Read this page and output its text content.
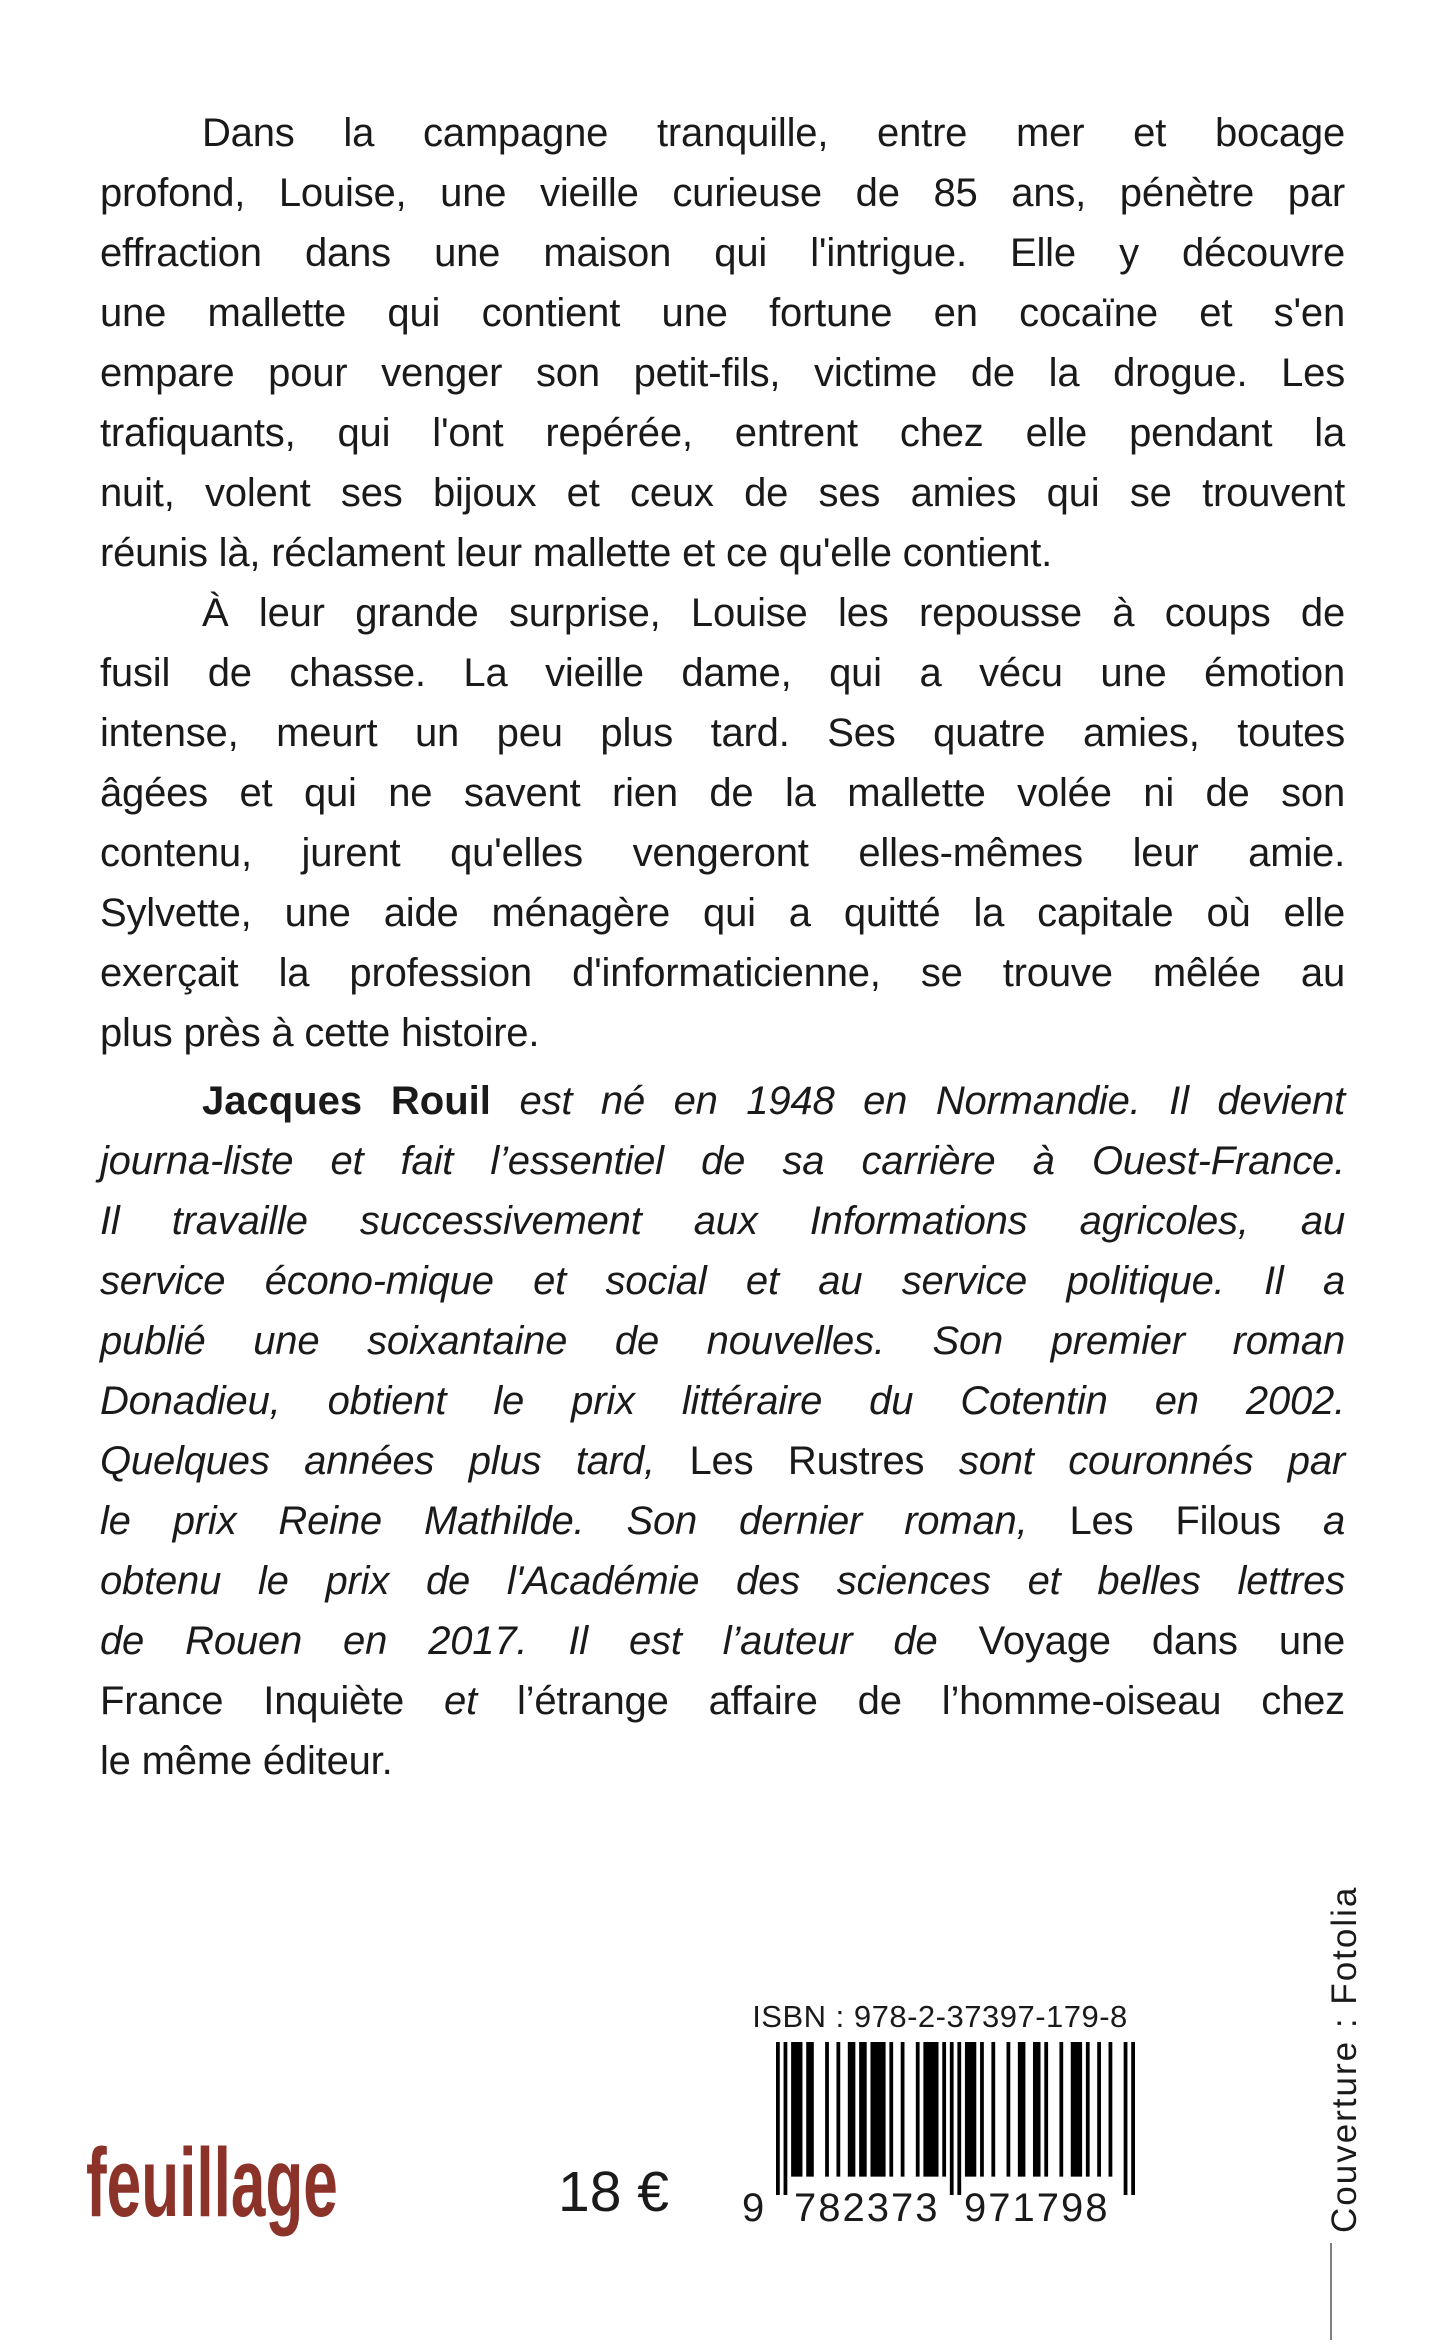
Dans la campagne tranquille, entre mer et bocage
profond, Louise, une vieille curieuse de 85 ans, pénètre par
effraction dans une maison qui l'intrigue. Elle y découvre
une mallette qui contient une fortune en cocaïne et s'en
empare pour venger son petit-fils, victime de la drogue. Les
trafiquants, qui l'ont repérée, entrent chez elle pendant la
nuit, volent ses bijoux et ceux de ses amies qui se trouvent
réunis là, réclament leur mallette et ce qu'elle contient.
À leur grande surprise, Louise les repousse à coups de
fusil de chasse. La vieille dame, qui a vécu une émotion
intense, meurt un peu plus tard. Ses quatre amies, toutes
âgées et qui ne savent rien de la mallette volée ni de son
contenu, jurent qu'elles vengeront elles-mêmes leur amie.
Sylvette, une aide ménagère qui a quitté la capitale où elle
exerçait la profession d'informaticienne, se trouve mêlée au
plus près à cette histoire.
Jacques Rouil est né en 1948 en Normandie. Il devient
journa-liste et fait l’essentiel de sa carrière à Ouest-France.
Il travaille successivement aux Informations agricoles, au
service écono-mique et social et au service politique. Il a
publié une soixantaine de nouvelles. Son premier roman
Donadieu, obtient le prix littéraire du Cotentin en 2002.
Quelques années plus tard, Les Rustres sont couronnés par
le prix Reine Mathilde. Son dernier roman, Les Filous a
obtenu le prix de l'Académie des sciences et belles lettres
de Rouen en 2017. Il est l’auteur de Voyage dans une
France Inquiète et l’étrange affaire de l’homme-oiseau chez
le même éditeur.
ISBN : 978-2-37397-179-8
9 782373 971798
feuillage	18 €	Couverture : Fotolia
